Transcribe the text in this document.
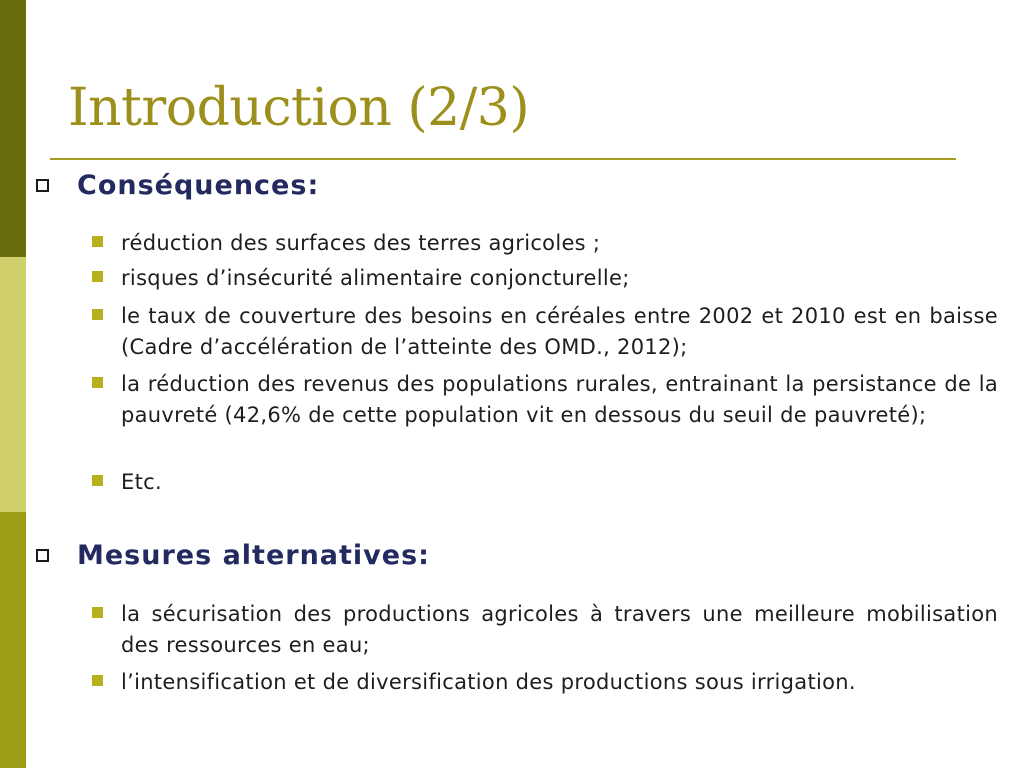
Introduction (2/3)
Conséquences:
réduction des surfaces des terres agricoles ;
risques d’insécurité alimentaire conjoncturelle;
le taux de couverture des besoins en céréales entre 2002 et 2010 est en baisse (Cadre d’accélération de l’atteinte des OMD., 2012);
la réduction des revenus des populations rurales, entrainant la persistance de la pauvreté (42,6% de cette population vit en dessous du seuil de pauvreté);
Etc.
Mesures alternatives:
la sécurisation des productions agricoles à travers une meilleure mobilisation des ressources en eau;
l’intensification et de diversification des productions sous irrigation.
